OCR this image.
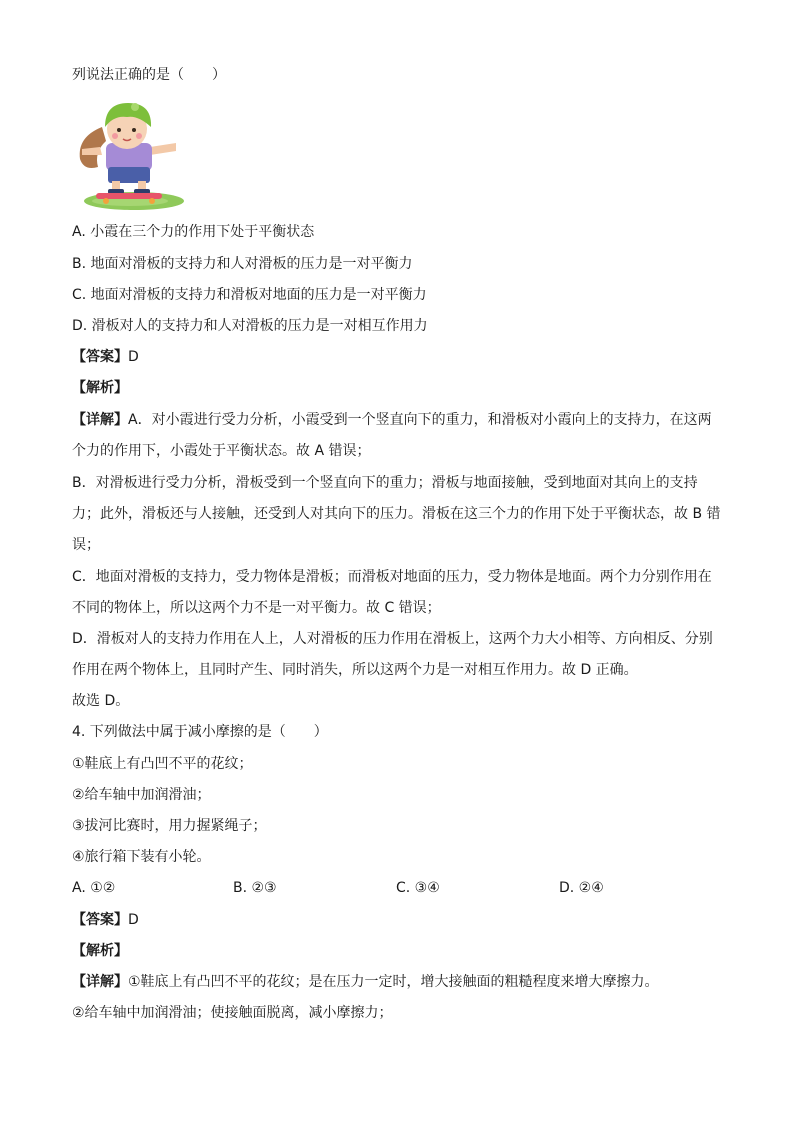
列说法正确的是（　　）
A. 小霞在三个力的作用下处于平衡状态
B. 地面对滑板的支持力和人对滑板的压力是一对平衡力
C. 地面对滑板的支持力和滑板对地面的压力是一对平衡力
D. 滑板对人的支持力和人对滑板的压力是一对相互作用力
【答案】D
【解析】
【详解】A．对小霞进行受力分析，小霞受到一个竖直向下的重力，和滑板对小霞向上的支持力，在这两
个力的作用下，小霞处于平衡状态。故 A 错误；
B．对滑板进行受力分析，滑板受到一个竖直向下的重力；滑板与地面接触，受到地面对其向上的支持
力；此外，滑板还与人接触，还受到人对其向下的压力。滑板在这三个力的作用下处于平衡状态，故 B 错
误；
C．地面对滑板的支持力，受力物体是滑板；而滑板对地面的压力，受力物体是地面。两个力分别作用在
不同的物体上，所以这两个力不是一对平衡力。故 C 错误；
D．滑板对人的支持力作用在人上，人对滑板的压力作用在滑板上，这两个力大小相等、方向相反、分别
作用在两个物体上，且同时产生、同时消失，所以这两个力是一对相互作用力。故 D 正确。
故选 D。
4. 下列做法中属于减小摩擦的是（　　）
①鞋底上有凸凹不平的花纹；
②给车轴中加润滑油；
③拔河比赛时，用力握紧绳子；
④旅行箱下装有小轮。
A. ①②	B. ②③	C. ③④	D. ②④
【答案】D
【解析】
【详解】①鞋底上有凸凹不平的花纹；是在压力一定时，增大接触面的粗糙程度来增大摩擦力。
②给车轴中加润滑油；使接触面脱离，减小摩擦力；
